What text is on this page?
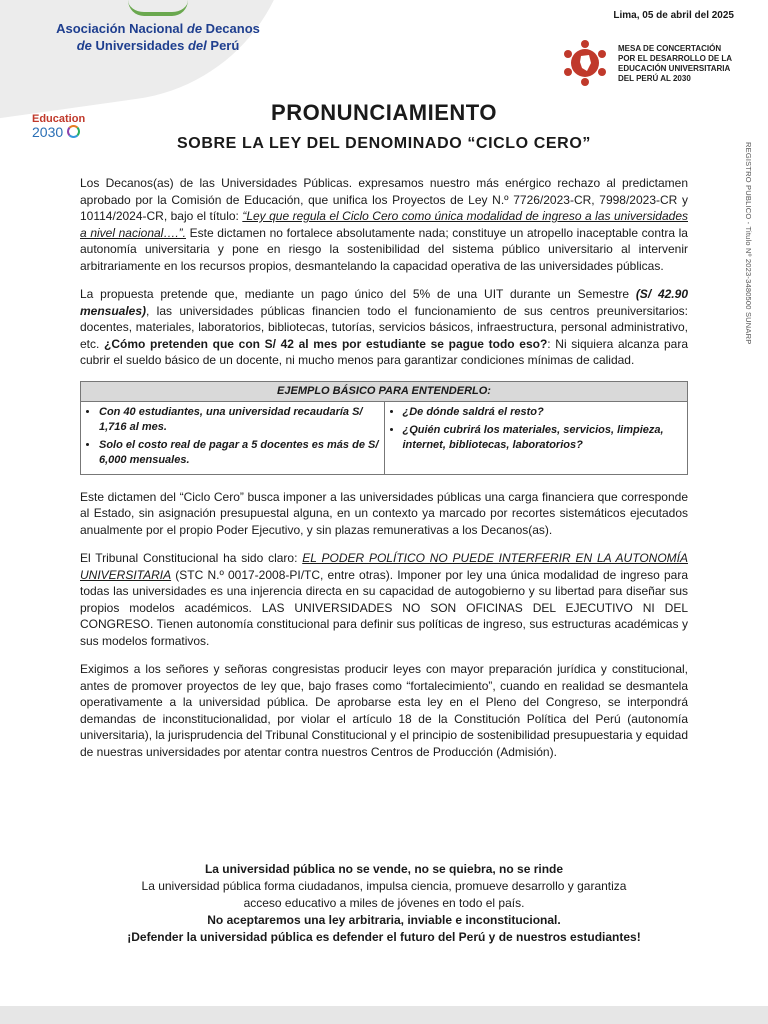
Asociación Nacional de Decanos
de Universidades del Perú
Lima, 05 de abril del 2025
MESA DE CONCERTACIÓN
POR EL DESARROLLO DE LA
EDUCACIÓN UNIVERSITARIA
DEL PERÚ AL 2030
Education
2030
REGISTRO PUBLICO - Titulo Nº 2023-3480500 SUNARP
PRONUNCIAMIENTO
SOBRE LA LEY DEL DENOMINADO “CICLO CERO”

Los Decanos(as) de las Universidades Públicas. expresamos nuestro más enérgico rechazo al predictamen aprobado por la Comisión de Educación, que unifica los Proyectos de Ley N.º 7726/2023-CR, 7998/2023-CR y 10114/2024-CR, bajo el título: “Ley que regula el Ciclo Cero como única modalidad de ingreso a las universidades a nivel nacional….”. Este dictamen no fortalece absolutamente nada; constituye un atropello inaceptable contra la autonomía universitaria y pone en riesgo la sostenibilidad del sistema público universitario al intervenir arbitrariamente en los recursos propios, desmantelando la capacidad operativa de las universidades públicas.

La propuesta pretende que, mediante un pago único del 5% de una UIT durante un Semestre (S/ 42.90 mensuales), las universidades públicas financien todo el funcionamiento de sus centros preuniversitarios: docentes, materiales, laboratorios, bibliotecas, tutorías, servicios básicos, infraestructura, personal administrativo, etc. ¿Cómo pretenden que con S/ 42 al mes por estudiante se pague todo eso?: Ni siquiera alcanza para cubrir el sueldo básico de un docente, ni mucho menos para garantizar condiciones mínimas de calidad.

EJEMPLO BÁSICO PARA ENTENDERLO:

• Con 40 estudiantes, una universidad recaudaría S/ 1,716 al mes.
• Solo el costo real de pagar a 5 docentes es más de S/ 6,000 mensuales.

• ¿De dónde saldrá el resto?
• ¿Quién cubrirá los materiales, servicios, limpieza, internet, bibliotecas, laboratorios?

Este dictamen del “Ciclo Cero” busca imponer a las universidades públicas una carga financiera que corresponde al Estado, sin asignación presupuestal alguna, en un contexto ya marcado por recortes sistemáticos ejecutados anualmente por el propio Poder Ejecutivo, y sin plazas remunerativas a los Decanos(as).

El Tribunal Constitucional ha sido claro: EL PODER POLÍTICO NO PUEDE INTERFERIR EN LA AUTONOMÍA UNIVERSITARIA (STC N.º 0017-2008-PI/TC, entre otras). Imponer por ley una única modalidad de ingreso para todas las universidades es una injerencia directa en su capacidad de autogobierno y su libertad para diseñar sus propios modelos académicos. LAS UNIVERSIDADES NO SON OFICINAS DEL EJECUTIVO NI DEL CONGRESO. Tienen autonomía constitucional para definir sus políticas de ingreso, sus estructuras académicas y sus modelos formativos.

Exigimos a los señores y señoras congresistas producir leyes con mayor preparación jurídica y constitucional, antes de promover proyectos de ley que, bajo frases como “fortalecimiento”, cuando en realidad se desmantela operativamente a la universidad pública. De aprobarse esta ley en el Pleno del Congreso, se interpondrá demandas de inconstitucionalidad, por violar el artículo 18 de la Constitución Política del Perú (autonomía universitaria), la jurisprudencia del Tribunal Constitucional y el principio de sostenibilidad presupuestaria y equidad de nuestras universidades por atentar contra nuestros Centros de Producción (Admisión).

La universidad pública no se vende, no se quiebra, no se rinde
La universidad pública forma ciudadanos, impulsa ciencia, promueve desarrollo y garantiza acceso educativo a miles de jóvenes en todo el país.
No aceptaremos una ley arbitraria, inviable e inconstitucional.
¡Defender la universidad pública es defender el futuro del Perú y de nuestros estudiantes!
